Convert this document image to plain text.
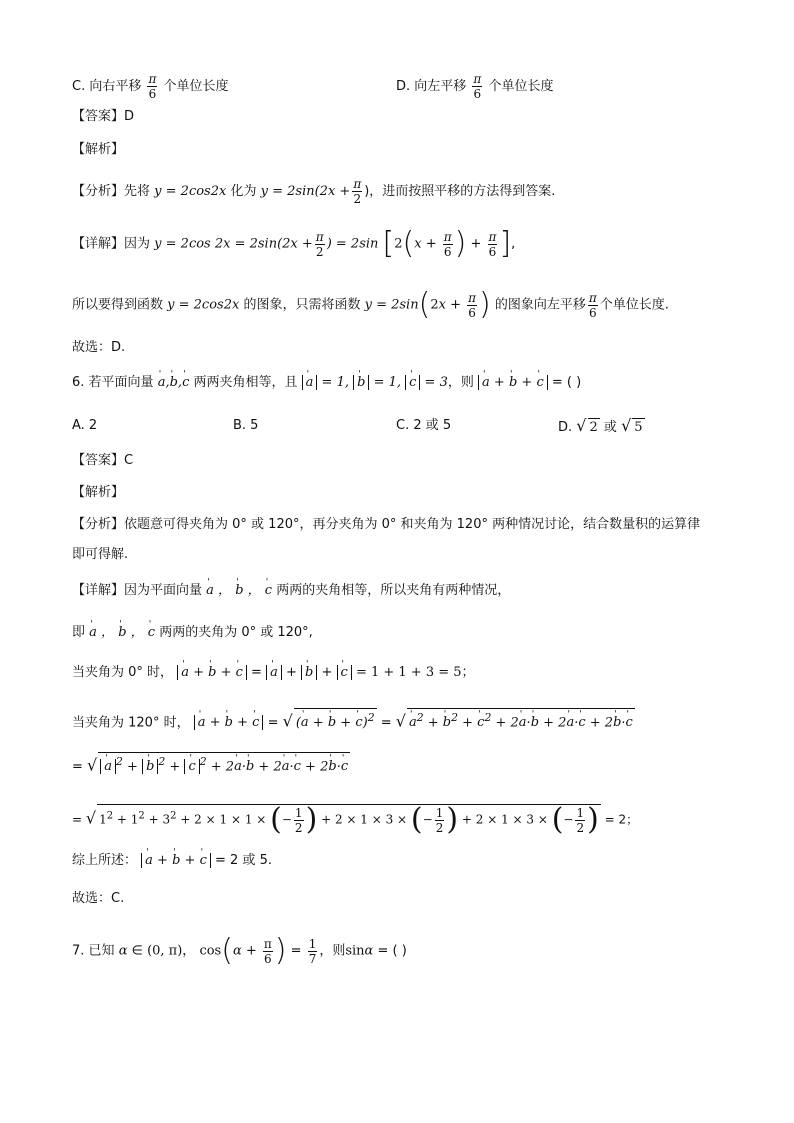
C. 向右平移 $\frac{\pi}{6}$ 个单位长度	D. 向左平移 $\frac{\pi}{6}$ 个单位长度
【答案】D
【解析】
【分析】先将 y = 2cos2x 化为 $y = 2\sin(2x + \frac{\pi}{2}$ )，进而按照平移的方法得到答案.
【详解】因为 y = 2cos $2x = 2\sin(2x + \frac{\pi}{2}$ ) = 2sin [$2(x + \frac{\pi}{6}$ ) + $\frac{\pi}{6}$ ],
所以要得到函数 y = 2cos2x 的图象，只需将函数 $y = 2\sin(2x + \frac{\pi}{6}$ ) 的图象向左平移 $\frac{\pi}{6}$ 个单位长度.
故选：D.
6. 若平面向量 ' a,' b,' c 两两夹角相等，且 ' a = 1, ' b = 1, ' c = 3，则 ' a + ' b + ' c = ( )
A. 2	B. 5	C. 2 或 5	D. √ 2 或 √ 5
【答案】C
【解析】
【分析】依题意可得夹角为 0° 或 120°，再分夹角为 0° 和夹角为 120° 两种情况讨论，结合数量积的运算律
即可得解.
【详解】因为平面向量 ' a ， ' b ， ' c 两两的夹角相等，所以夹角有两种情况，
即 ' a ， ' b ， ' c 两两的夹角为 0° 或 120°,
当夹角为 0° 时， ' a + ' b + ' c = ' a + ' b + ' c = 1 + 1 + 3 = 5；
当夹角为 120° 时， ' a + ' b + ' c = √ (' a + ' b + ' c)$^2$ = √ ' $a^2$ + ' $b^2$ + ' $c^2 + 2'$ a·' b + 2' a·' c + 2' b·' c
= √ ' a $^2$ + ' b $^2$ + ' c $^2$ + 2' a·' b + 2' a·' c + 2' b·' c
= √ $1^2 + 1^2 + 3^2 + 2 \times 1 \times 1$ × (− $\frac{1}{2}$ ) + 2 × 1 × 3 × (− $\frac{1}{2}$ ) + 2 × 1 × 3 × (− $\frac{1}{2}$ ) = 2；
综上所述： ' a + ' b + ' c = 2 或 5.
故选：C.
7. 已知 α ∈ (0, π)， $\cos(\alpha + \frac{\pi}{6}$ ) = $\frac{1}{7}$ ，则sinα = ( )
